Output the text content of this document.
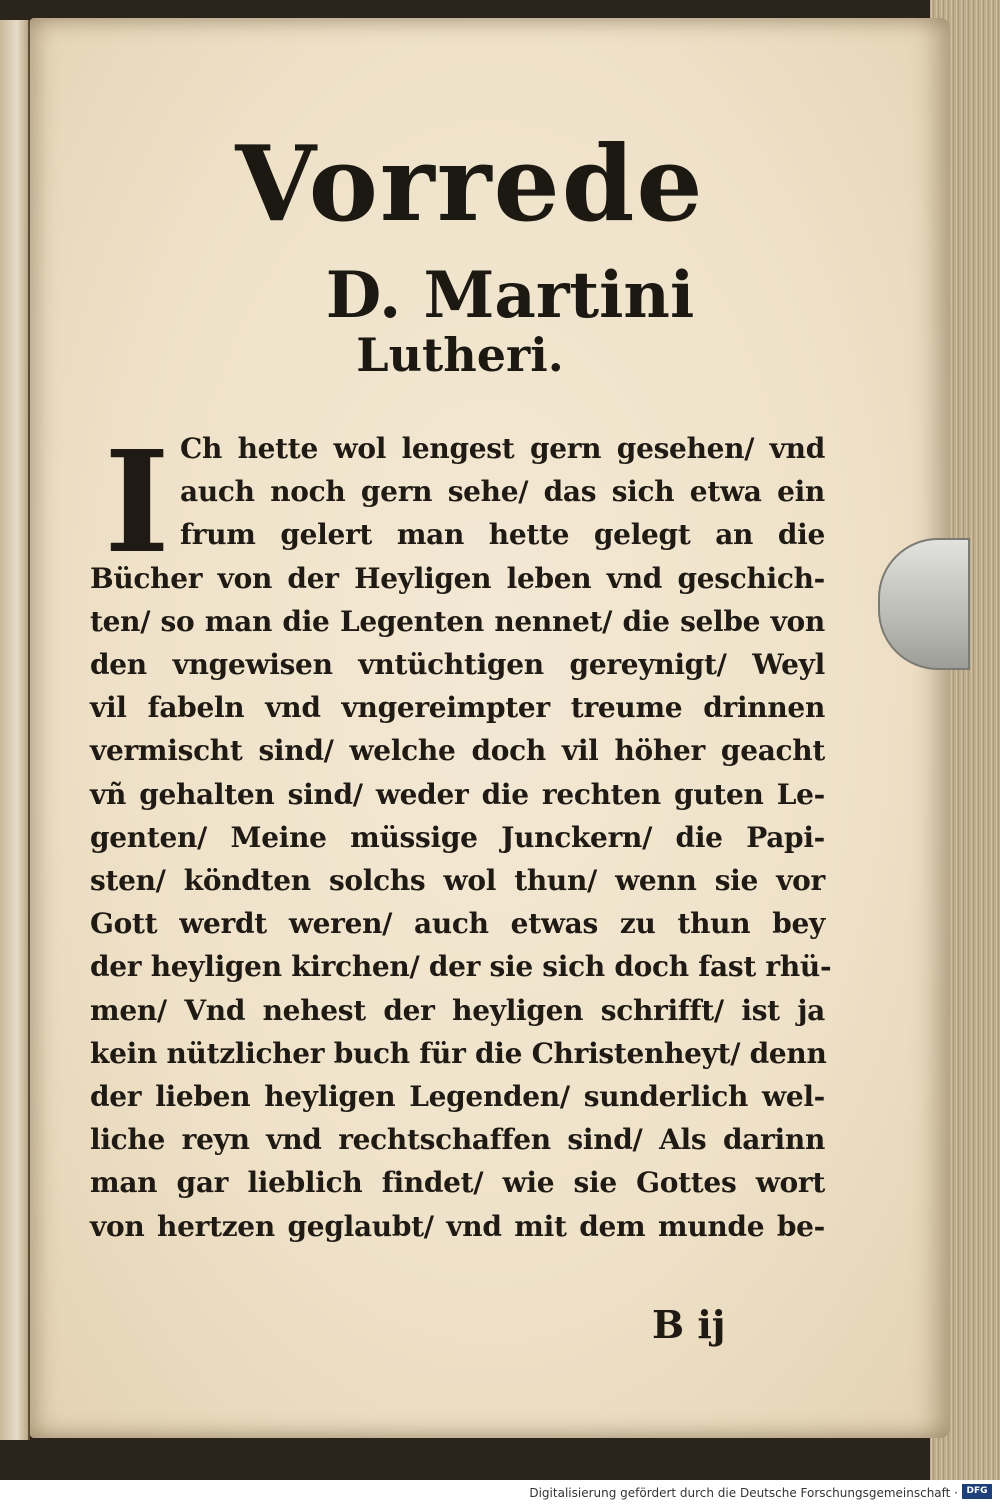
Vorrede
D. Martini
Lutheri.
I Ch hette wol lengest gern gesehen/ vnd
auch noch gern sehe/ das sich etwa ein
frum gelert man hette gelegt an die
Bücher von der Heyligen leben vnd geschich-
ten/ so man die Legenten nennet/ die selbe von
den vngewisen vntüchtigen gereynigt/ Weyl
vil fabeln vnd vngereimpter treume drinnen
vermischt sind/ welche doch vil höher geacht
vñ gehalten sind/ weder die rechten guten Le-
genten/ Meine müssige Junckern/ die Papi-
sten/ köndten solchs wol thun/ wenn sie vor
Gott werdt weren/ auch etwas zu thun bey
der heyligen kirchen/ der sie sich doch fast rhü-
men/ Vnd nehest der heyligen schrifft/ ist ja
kein nützlicher buch für die Christenheyt/ denn
der lieben heyligen Legenden/ sunderlich wel-
liche reyn vnd rechtschaffen sind/ Als darinn
man gar lieblich findet/ wie sie Gottes wort
von hertzen geglaubt/ vnd mit dem munde be-
B ij
Digitalisierung gefördert durch die Deutsche Forschungsgemeinschaft · DFG
